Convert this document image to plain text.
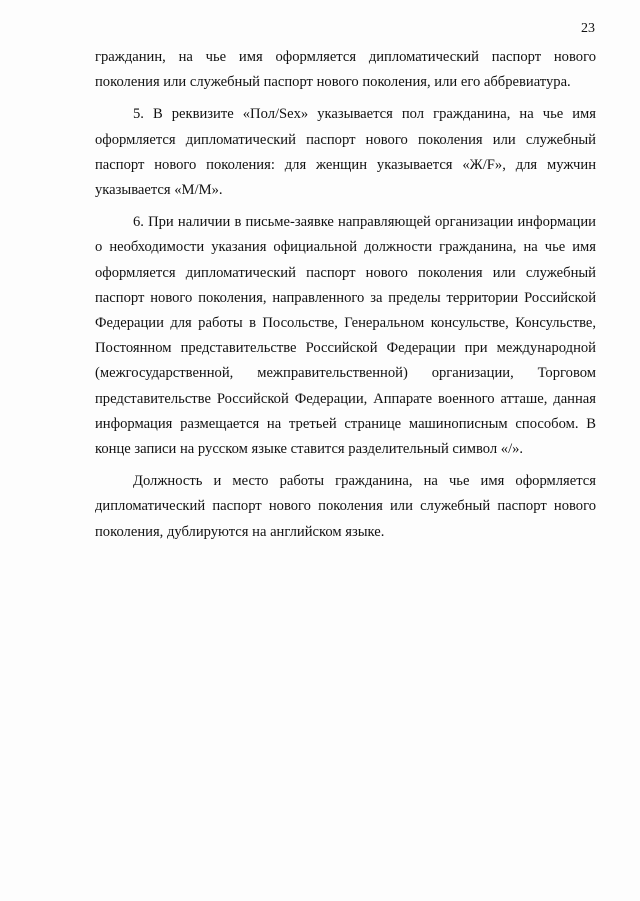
23

гражданин, на чье имя оформляется дипломатический паспорт нового поколения или служебный паспорт нового поколения, или его аббревиатура.

5. В реквизите «Пол/Sex» указывается пол гражданина, на чье имя оформляется дипломатический паспорт нового поколения или служебный паспорт нового поколения: для женщин указывается «Ж/F», для мужчин указывается «М/М».

6. При наличии в письме-заявке направляющей организации информации о необходимости указания официальной должности гражданина, на чье имя оформляется дипломатический паспорт нового поколения или служебный паспорт нового поколения, направленного за пределы территории Российской Федерации для работы в Посольстве, Генеральном консульстве, Консульстве, Постоянном представительстве Российской Федерации при международной (межгосударственной, межправительственной) организации, Торговом представительстве Российской Федерации, Аппарате военного атташе, данная информация размещается на третьей странице машинописным способом. В конце записи на русском языке ставится разделительный символ «/».

Должность и место работы гражданина, на чье имя оформляется дипломатический паспорт нового поколения или служебный паспорт нового поколения, дублируются на английском языке.
